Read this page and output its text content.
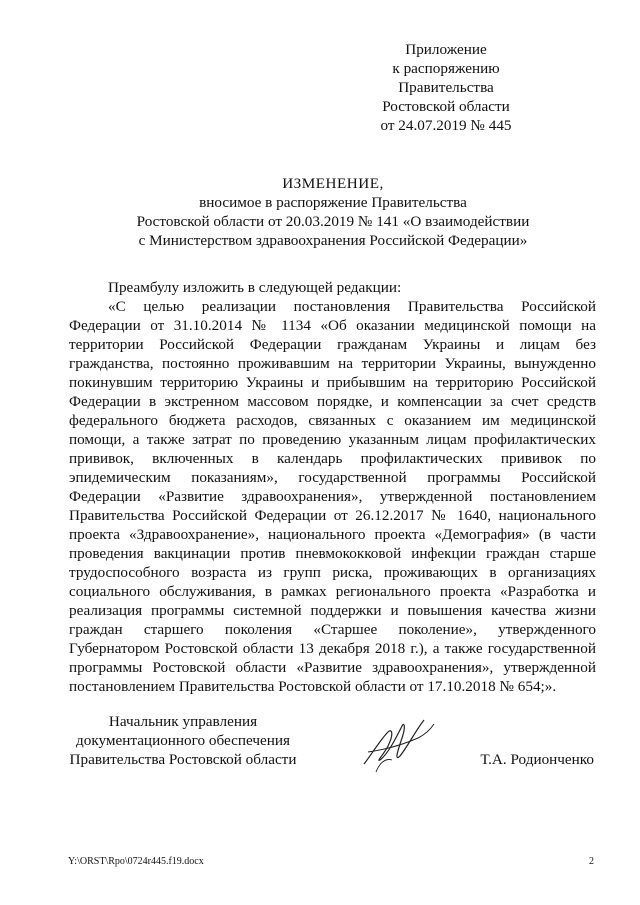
Приложение
к распоряжению
Правительства
Ростовской области
от 24.07.2019 № 445
ИЗМЕНЕНИЕ,
вносимое в распоряжение Правительства
Ростовской области от 20.03.2019 № 141 «О взаимодействии
с Министерством здравоохранения Российской Федерации»

Преамбулу изложить в следующей редакции:

«С целью реализации постановления Правительства Российской Федерации от 31.10.2014 № 1134 «Об оказании медицинской помощи на территории Российской Федерации гражданам Украины и лицам без гражданства, постоянно проживавшим на территории Украины, вынужденно покинувшим территорию Украины и прибывшим на территорию Российской Федерации в экстренном массовом порядке, и компенсации за счет средств федерального бюджета расходов, связанных с оказанием им медицинской помощи, а также затрат по проведению указанным лицам профилактических прививок, включенных в календарь профилактических прививок по эпидемическим показаниям», государственной программы Российской Федерации «Развитие здравоохранения», утвержденной постановлением Правительства Российской Федерации от 26.12.2017 № 1640, национального проекта «Здравоохранение», национального проекта «Демография» (в части проведения вакцинации против пневмококковой инфекции граждан старше трудоспособного возраста из групп риска, проживающих в организациях социального обслуживания, в рамках регионального проекта «Разработка и реализация программы системной поддержки и повышения качества жизни граждан старшего поколения «Старшее поколение», утвержденного Губернатором Ростовской области 13 декабря 2018 г.), а также государственной программы Ростовской области «Развитие здравоохранения», утвержденной постановлением Правительства Ростовской области от 17.10.2018 № 654;».

Начальник управления
документационного обеспечения
Правительства Ростовской области	Т.А. Родионченко
Y:\ORST\Rpo\0724r445.f19.docx	2
